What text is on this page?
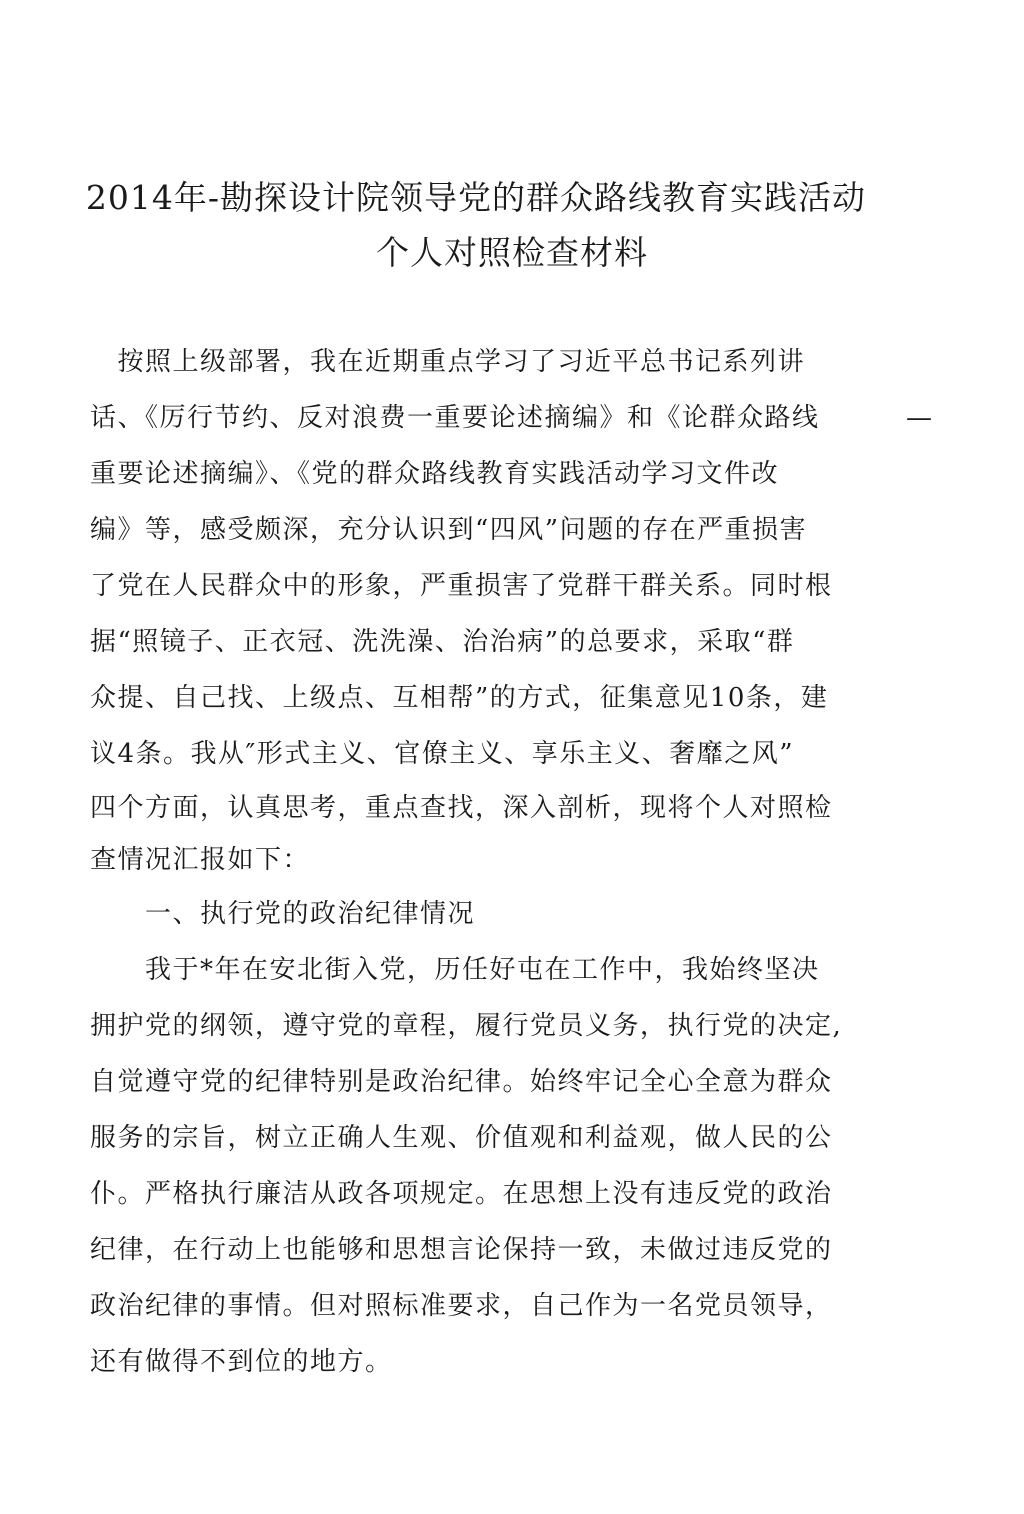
2014年-勘探设计院领导党的群众路线教育实践活动
个人对照检查材料
—
　按照上级部署，我在近期重点学习了习近平总书记系列讲
话、《厉行节约、反对浪费一重要论述摘编》和《论群众路线
重要论述摘编》、《党的群众路线教育实践活动学习文件改
编》等，感受颇深，充分认识到“四风”问题的存在严重损害
了党在人民群众中的形象，严重损害了党群干群关系。同时根
据“照镜子、正衣冠、洗洗澡、治治病”的总要求，采取“群
众提、自己找、上级点、互相帮”的方式，征集意见10条，建
议4条。我从″形式主义、官僚主义、享乐主义、奢靡之风”
四个方面，认真思考，重点查找，深入剖析，现将个人对照检
查情况汇报如下：
　　一、执行党的政治纪律情况
　　我于*年在安北街入党，历任好屯在工作中，我始终坚决
拥护党的纲领，遵守党的章程，履行党员义务，执行党的决定,
自觉遵守党的纪律特别是政治纪律。始终牢记全心全意为群众
服务的宗旨，树立正确人生观、价值观和利益观，做人民的公
仆。严格执行廉洁从政各项规定。在思想上没有违反党的政治
纪律，在行动上也能够和思想言论保持一致，未做过违反党的
政治纪律的事情。但对照标准要求，自己作为一名党员领导，
还有做得不到位的地方。
